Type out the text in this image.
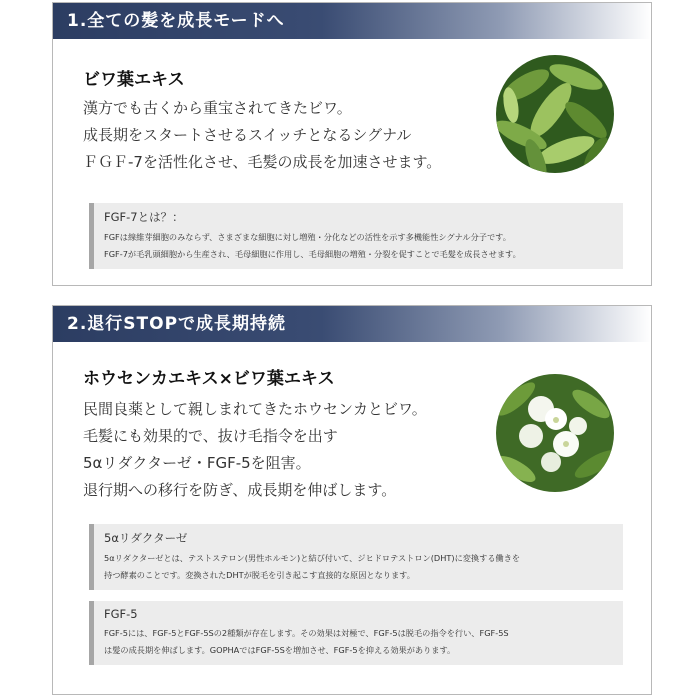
1.全ての髪を成長モードへ
ビワ葉エキス
漢方でも古くから重宝されてきたビワ。
成長期をスタートさせるスイッチとなるシグナル
ＦＧＦ-7を活性化させ、毛髪の成長を加速させます。
FGF-7とは？：
FGFは線維芽細胞のみならず、さまざまな細胞に対し増殖・分化などの活性を示す多機能性シグナル分子です。
FGF-7が毛乳頭細胞から生産され、毛母細胞に作用し、毛母細胞の増殖・分裂を促すことで毛髪を成長させます。
2.退行STOPで成長期持続
ホウセンカエキス×ビワ葉エキス
民間良薬として親しまれてきたホウセンカとビワ。
毛髪にも効果的で、抜け毛指令を出す
5αリダクターゼ・FGF-5を阻害。
退行期への移行を防ぎ、成長期を伸ばします。
5αリダクターゼ
5αリダクターゼとは、テストステロン(男性ホルモン)と結び付いて、ジヒドロテストロン(DHT)に変換する働きを
持つ酵素のことです。変換されたDHTが脱毛を引き起こす直接的な原因となります。
FGF-5
FGF-5には、FGF-5とFGF-5Sの2種類が存在します。その効果は対極で、FGF-5は脱毛の指令を行い、FGF-5S
は髪の成長期を伸ばします。GOPHAではFGF-5Sを増加させ、FGF-5を抑える効果があります。
